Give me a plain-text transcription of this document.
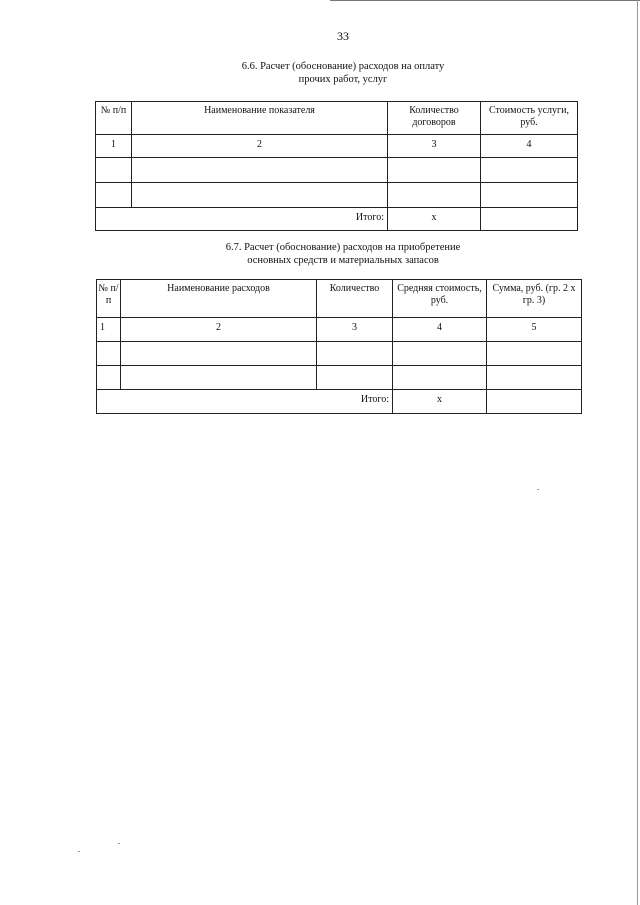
33
6.6. Расчет (обоснование) расходов на оплату
прочих работ, услуг
№ п/п	Наименование показателя	Количество договоров	Стоимость услуги, руб.
1	2	3	4

Итого:		x	
6.7. Расчет (обоснование) расходов на приобретение
основных средств и материальных запасов
№ п/п	Наименование расходов	Количество	Средняя стоимость, руб.	Сумма, руб. (гр. 2 х гр. 3)
1	2	3	4	5

Итого:			x	
